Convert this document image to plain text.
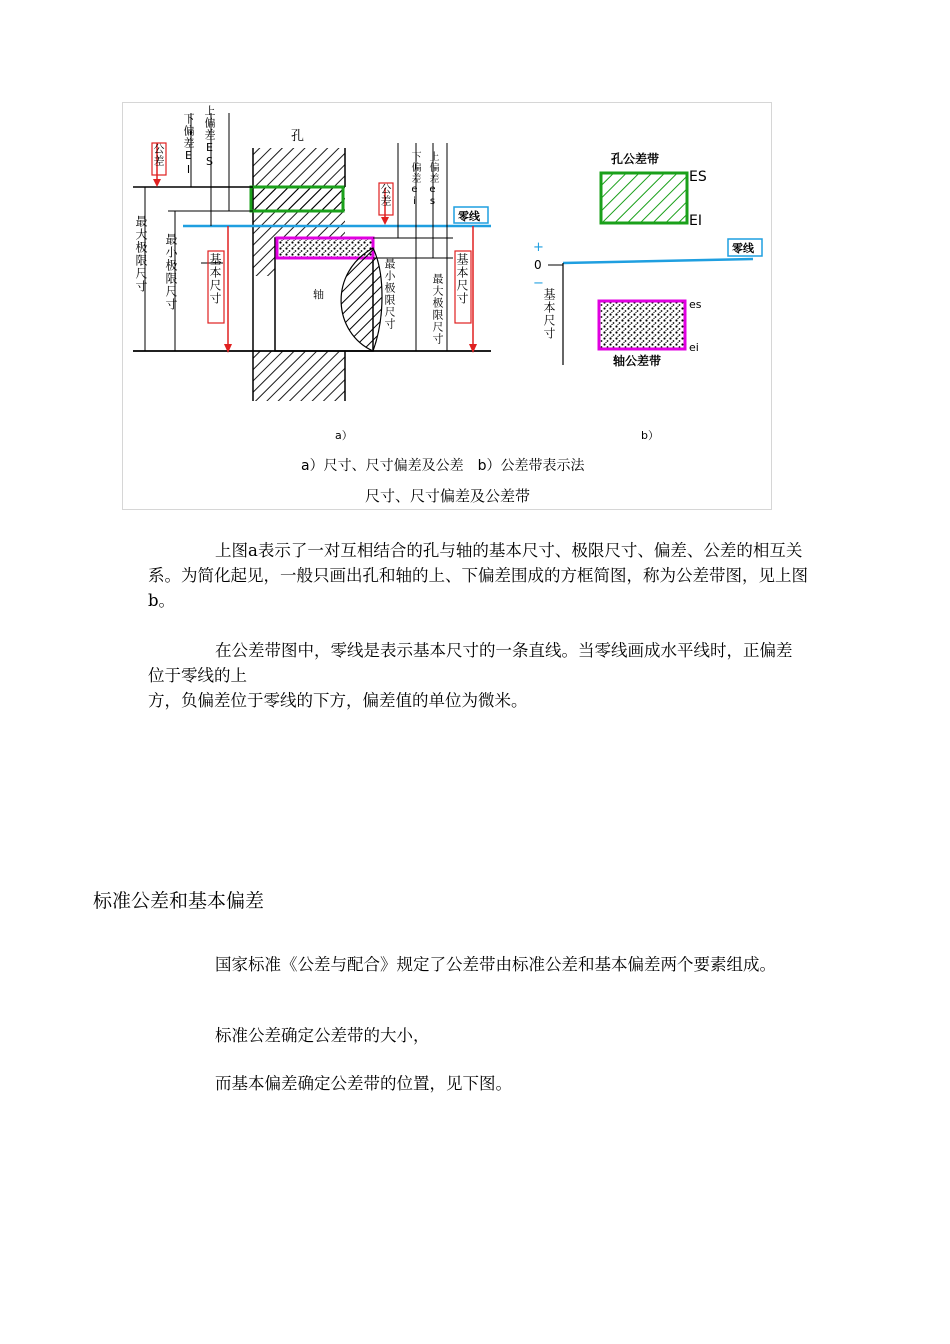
孔
轴
公差 下偏差EI 上偏差ES
最大极限尺寸 最小极限尺寸	基本尺寸
公差 下偏差ei 上偏差es
零线
最小极限尺寸	最大极限尺寸 基本尺寸
a）
孔公差带
ES
EI
零线
+
0
−
基本尺寸	es
ei
轴公差带
b）
a）尺寸、尺寸偏差及公差　b）公差带表示法
尺寸、尺寸偏差及公差带

上图a表示了一对互相结合的孔与轴的基本尺寸、极限尺寸、偏差、公差的相互关系。为简化起见，一般只画出孔和轴的上、下偏差围成的方框简图，称为公差带图，见上图b。

在公差带图中，零线是表示基本尺寸的一条直线。当零线画成水平线时，正偏差位于零线的上
方，负偏差位于零线的下方，偏差值的单位为微米。
标准公差和基本偏差

国家标准《公差与配合》规定了公差带由标准公差和基本偏差两个要素组成。

标准公差确定公差带的大小，

而基本偏差确定公差带的位置，见下图。
